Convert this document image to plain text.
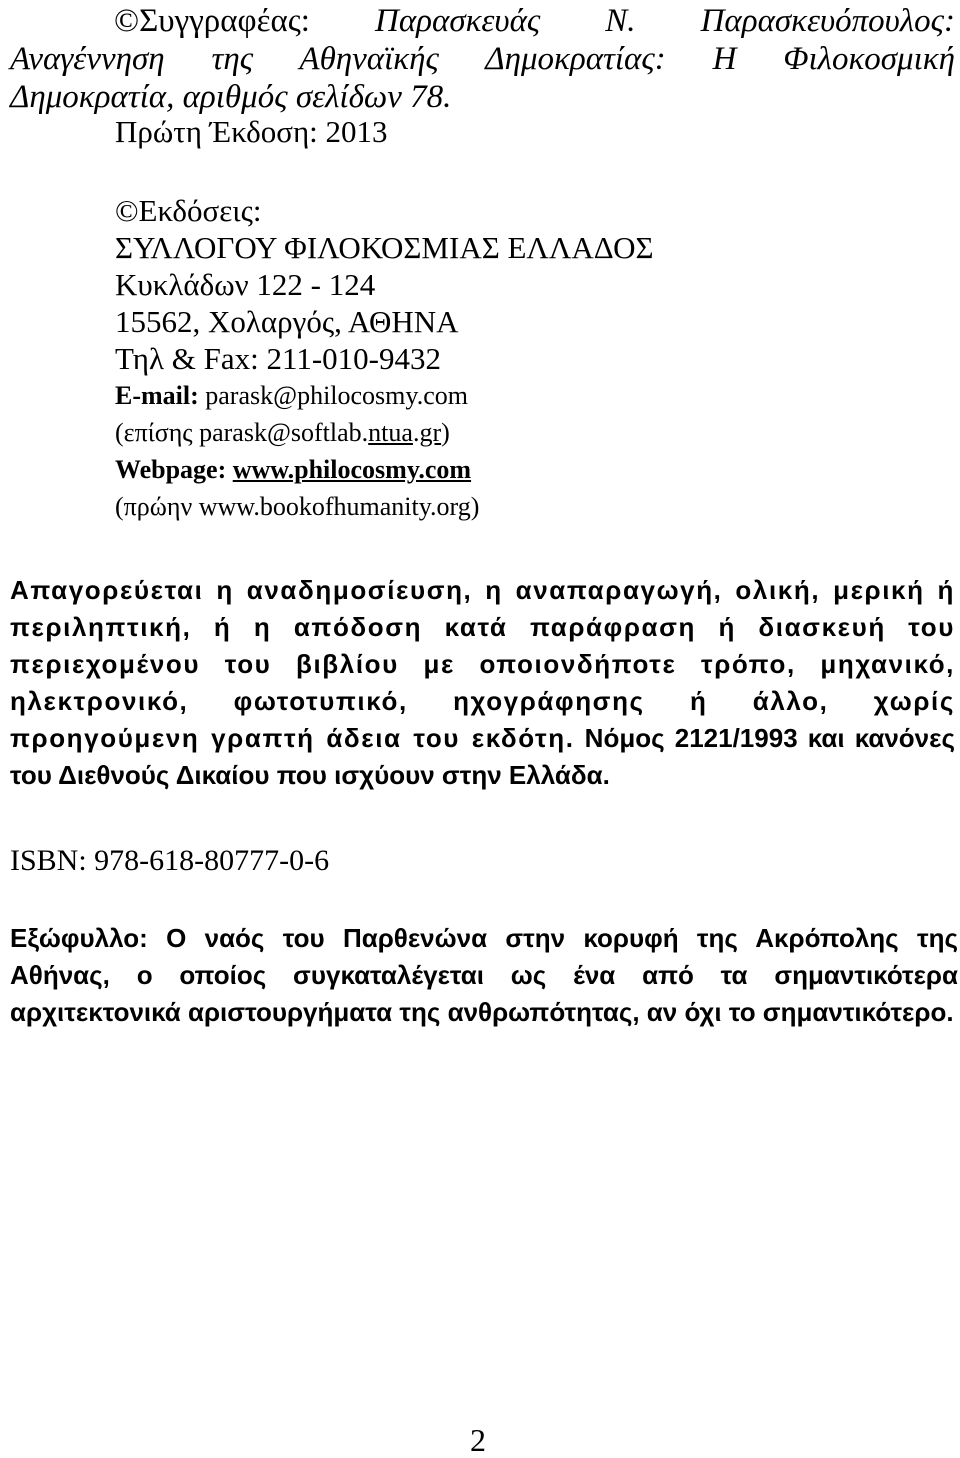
©Συγγραφέας: Παρασκευάς Ν. Παρασκευόπουλος:
Αναγέννηση της Αθηναϊκής Δημοκρατίας: Η Φιλοκοσμική
Δημοκρατία, αριθμός σελίδων 78.
Πρώτη Έκδοση: 2013
©Εκδόσεις:
ΣΥΛΛΟΓΟΥ ΦΙΛΟΚΟΣΜΙΑΣ ΕΛΛΑΔΟΣ
Κυκλάδων 122 - 124
15562, Χολαργός, ΑΘΗΝΑ
Τηλ & Fax: 211-010-9432
E-mail: parask@philocosmy.com
(επίσης parask@softlab.ntua.gr)
Webpage: www.philocosmy.com
(πρώην www.bookofhumanity.org)
Απαγορεύεται η αναδημοσίευση, η αναπαραγωγή, ολική, μερική ή περιληπτική, ή η απόδοση κατά παράφραση ή διασκευή του περιεχομένου του βιβλίου με οποιονδήποτε τρόπο, μηχανικό, ηλεκτρονικό, φωτοτυπικό, ηχογράφησης ή άλλο, χωρίς προηγούμενη γραπτή άδεια του εκδότη. Νόμος 2121/1993 και κανόνες του Διεθνούς Δικαίου που ισχύουν στην Ελλάδα.
ISBN: 978-618-80777-0-6
Εξώφυλλο: Ο ναός του Παρθενώνα στην κορυφή της Ακρόπολης της Αθήνας, ο οποίος συγκαταλέγεται ως ένα από τα σημαντικότερα αρχιτεκτονικά αριστουργήματα της ανθρωπότητας, αν όχι το σημαντικότερο.
2
